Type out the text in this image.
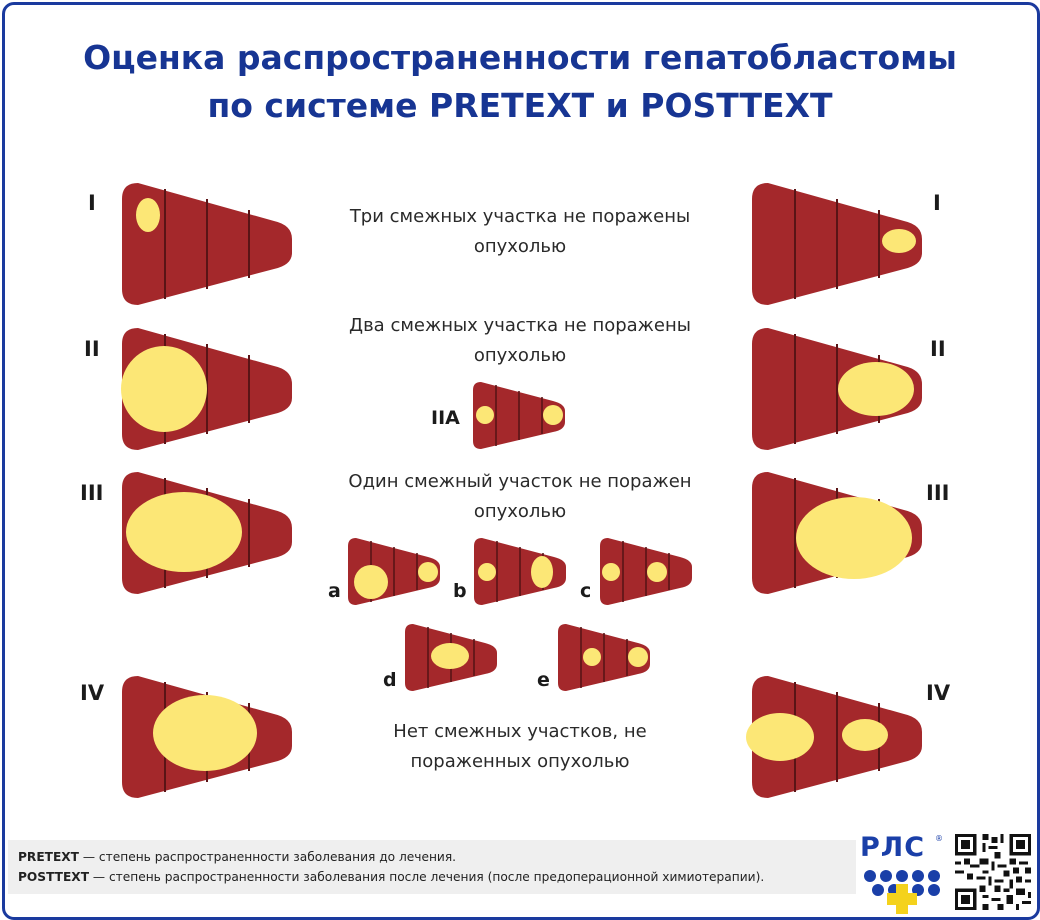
Оценка распространенности гепатобластомы
по системе PRETEXT и POSTTEXT
I
II
III
IV
I
II
III
IV
IIA
a	b	c
d	e
Три смежных участка не поражены
опухолью
Два смежных участка не поражены
опухолью
Один смежный участок не поражен
опухолью
Нет смежных участков, не
пораженных опухолью

PRETEXT — степень распространенности заболевания до лечения.

POSTTEXT — степень распространенности заболевания после лечения (после предоперационной химиотерапии).

РЛС ®
